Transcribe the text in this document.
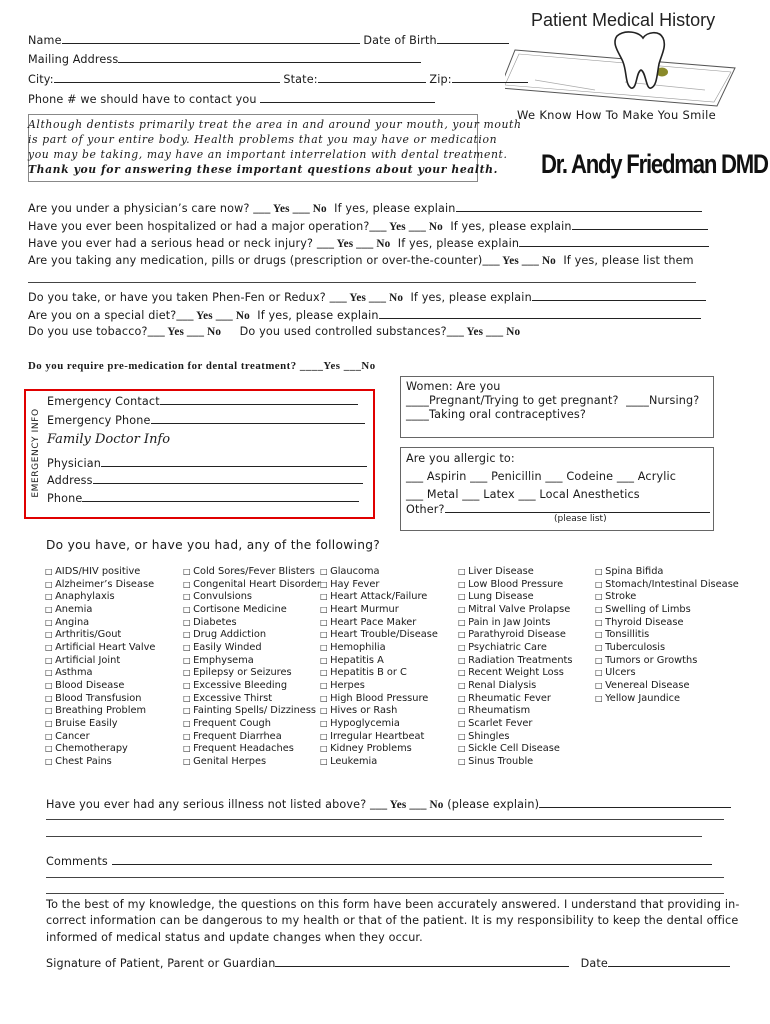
Patient Medical History
We Know How To Make You Smile
Dr. Andy Friedman DMD
Name	Date of Birth
Mailing Address
City:	State:	Zip:
Phone # we should have to contact you
Although dentists primarily treat the area in and around your mouth, your mouth
is part of your entire body. Health problems that you may have or medication
you may be taking, may have an important interrelation with dental treatment.
Thank you for answering these important questions about your health.
Are you under a physician’s care now? ___ Yes ___ No If yes, please explain
Have you ever been hospitalized or had a major operation?___ Yes ___ No If yes, please explain
Have you ever had a serious head or neck injury? ___ Yes ___ No If yes, please explain
Are you taking any medication, pills or drugs (prescription or over-the-counter)___ Yes ___ No If yes, please list them
Do you take, or have you taken Phen-Fen or Redux? ___ Yes ___ No If yes, please explain
Are you on a special diet?___ Yes ___ No If yes, please explain
Do you use tobacco?___ Yes ___ No Do you used controlled substances?___ Yes ___ No
Do you require pre-medication for dental treatment? ____Yes ___No
EMERGENCY INFO
Emergency Contact
Emergency Phone
Family Doctor Info
Physician
Address
Phone
Women: Are you
____Pregnant/Trying to get pregnant? ____Nursing?
____Taking oral contraceptives?
Are you allergic to:
___ Aspirin ___ Penicillin ___ Codeine ___ Acrylic
___ Metal ___ Latex ___ Local Anesthetics
Other?
(please list)
Do you have, or have you had, any of the following?
□ AIDS/HIV positive
□ Alzheimer’s Disease
□ Anaphylaxis
□ Anemia
□ Angina
□ Arthritis/Gout
□ Artificial Heart Valve
□ Artificial Joint
□ Asthma
□ Blood Disease
□ Blood Transfusion
□ Breathing Problem
□ Bruise Easily
□ Cancer
□ Chemotherapy
□ Chest Pains
□ Cold Sores/Fever Blisters
□ Congenital Heart Disorder
□ Convulsions
□ Cortisone Medicine
□ Diabetes
□ Drug Addiction
□ Easily Winded
□ Emphysema
□ Epilepsy or Seizures
□ Excessive Bleeding
□ Excessive Thirst
□ Fainting Spells/ Dizziness
□ Frequent Cough
□ Frequent Diarrhea
□ Frequent Headaches
□ Genital Herpes
□ Glaucoma
□ Hay Fever
□ Heart Attack/Failure
□ Heart Murmur
□ Heart Pace Maker
□ Heart Trouble/Disease
□ Hemophilia
□ Hepatitis A
□ Hepatitis B or C
□ Herpes
□ High Blood Pressure
□ Hives or Rash
□ Hypoglycemia
□ Irregular Heartbeat
□ Kidney Problems
□ Leukemia
□ Liver Disease
□ Low Blood Pressure
□ Lung Disease
□ Mitral Valve Prolapse
□ Pain in Jaw Joints
□ Parathyroid Disease
□ Psychiatric Care
□ Radiation Treatments
□ Recent Weight Loss
□ Renal Dialysis
□ Rheumatic Fever
□ Rheumatism
□ Scarlet Fever
□ Shingles
□ Sickle Cell Disease
□ Sinus Trouble
□ Spina Bifida
□ Stomach/Intestinal Disease
□ Stroke
□ Swelling of Limbs
□ Thyroid Disease
□ Tonsillitis
□ Tuberculosis
□ Tumors or Growths
□ Ulcers
□ Venereal Disease
□ Yellow Jaundice
Have you ever had any serious illness not listed above? ___ Yes ___ No (please explain)
Comments
To the best of my knowledge, the questions on this form have been accurately answered. I understand that providing in-
correct information can be dangerous to my health or that of the patient. It is my responsibility to keep the dental office
informed of medical status and update changes when they occur.
Signature of Patient, Parent or Guardian	Date
